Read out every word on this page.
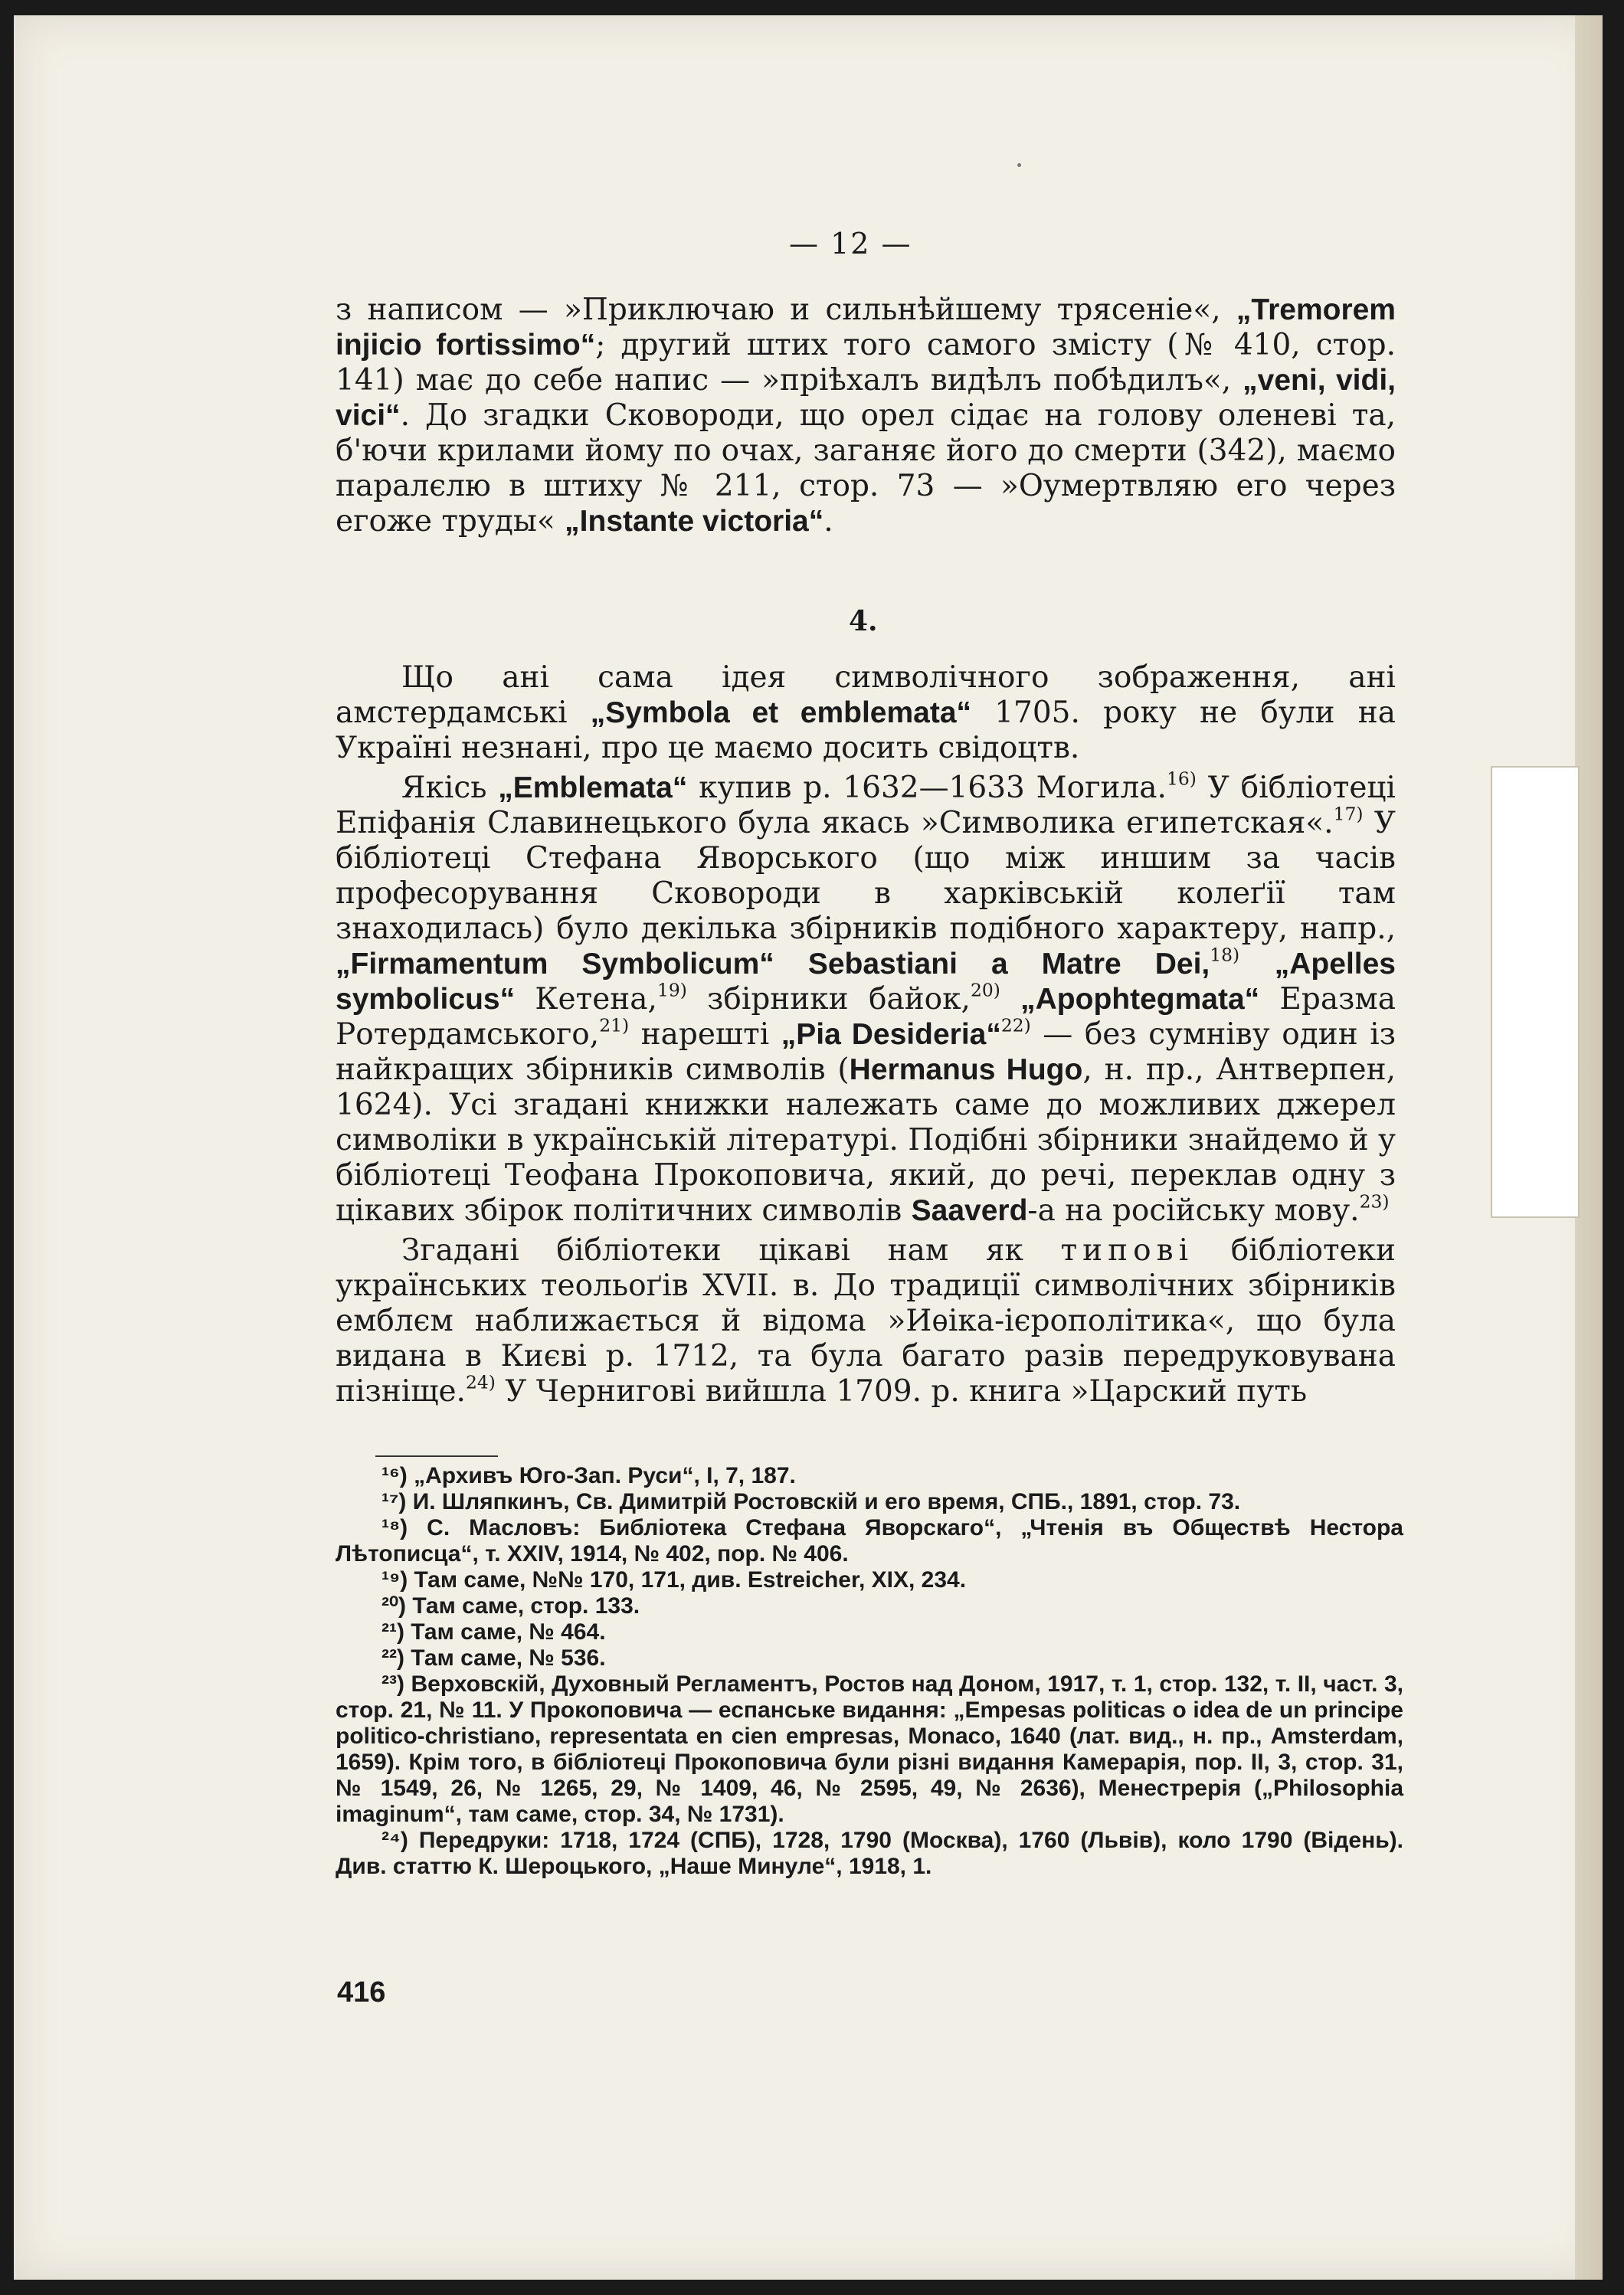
— 12 —

з написом — »Приключаю и сильнѣйшему трясеніе«, „Tremorem injicio fortissimo“; другий штих того самого змісту (№ 410, стор. 141) має до себе напис — »пріѣхалъ видѣлъ побѣдилъ«, „veni, vidi, vici“. До згадки Сковороди, що орел сідає на голову оленеві та, б'ючи крилами йому по очах, заганяє його до смерти (342), маємо паралєлю в штиху № 211, стор. 73 — »Оумертвляю его через егоже труды« „Instante victoria“.

4.

Що ані сама ідея символічного зображення, ані амстердамські „Symbola et emblemata“ 1705. року не були на Україні незнані, про це маємо досить свідоцтв.

Якісь „Emblemata“ купив р. 1632—1633 Могила.$^{16)}$ У бібліотеці Епіфанія Славинецького була якась »Символика египетская«.$^{17)}$ У бібліотеці Стефана Яворського (що між иншим за часів професорування Сковороди в харківській колеґії там знаходилась) було декілька збірників подібного характеру, напр., „Firmamentum Symbolicum“ Sebastiani a Matre Dei,$^{18)}$ „Apelles symbolicus“ Кетена,$^{19)}$ збірники байок,$^{20)}$ „Apophtegmata“ Еразма Ротердамського,$^{21)}$ нарешті „Pia Desideria“$^{22)}$ — без сумніву один із найкращих збірників символів (Hermanus Hugo, н. пр., Антверпен, 1624). Усі згадані книжки належать саме до можливих джерел символіки в українській літературі. Подібні збірники знайдемо й у бібліотеці Теофана Прокоповича, який, до речі, переклав одну з цікавих збірок політичних символів Saaverd-а на російську мову.$^{23)}$

Згадані бібліотеки цікаві нам як типові бібліотеки українських теольоґів XVII. в. До традиції символічних збірників емблєм наближається й відома »Иѳіка-ієрополітика«, що була видана в Києві р. 1712, та була багато разів передруковувана пізніще.$^{24)}$ У Чернигові вийшла 1709. р. книга »Царский путь

¹⁶) „Архивъ Юго-Зап. Руси“, I, 7, 187.

¹⁷) И. Шляпкинъ, Св. Димитрій Ростовскій и его время, СПБ., 1891, стор. 73.

¹⁸) С. Масловъ: Библіотека Стефана Яворскаго“, „Чтенія въ Обществѣ Нестора Лѣтописца“, т. XXIV, 1914, № 402, пор. № 406.

¹⁹) Там саме, №№ 170, 171, див. Estreicher, XIX, 234.

²⁰) Там саме, стор. 133.

²¹) Там саме, № 464.

²²) Там саме, № 536.

²³) Верховскій, Духовный Регламентъ, Ростов над Доном, 1917, т. 1, стор. 132, т. II, част. 3, стор. 21, № 11. У Прокоповича — еспанське видання: „Empesas politicas o idea de un principe politico-christiano, representata en cien empresas, Monaco, 1640 (лат. вид., н. пр., Amsterdam, 1659). Крім того, в бібліотеці Прокоповича були різні видання Камерарія, пор. II, 3, стор. 31, № 1549, 26, № 1265, 29, № 1409, 46, № 2595, 49, № 2636), Менестрерія („Philosophia imaginum“, там саме, стор. 34, № 1731).

²⁴) Передруки: 1718, 1724 (СПБ), 1728, 1790 (Москва), 1760 (Львів), коло 1790 (Відень). Див. статтю К. Шероцького, „Наше Минуле“, 1918, 1.

416
